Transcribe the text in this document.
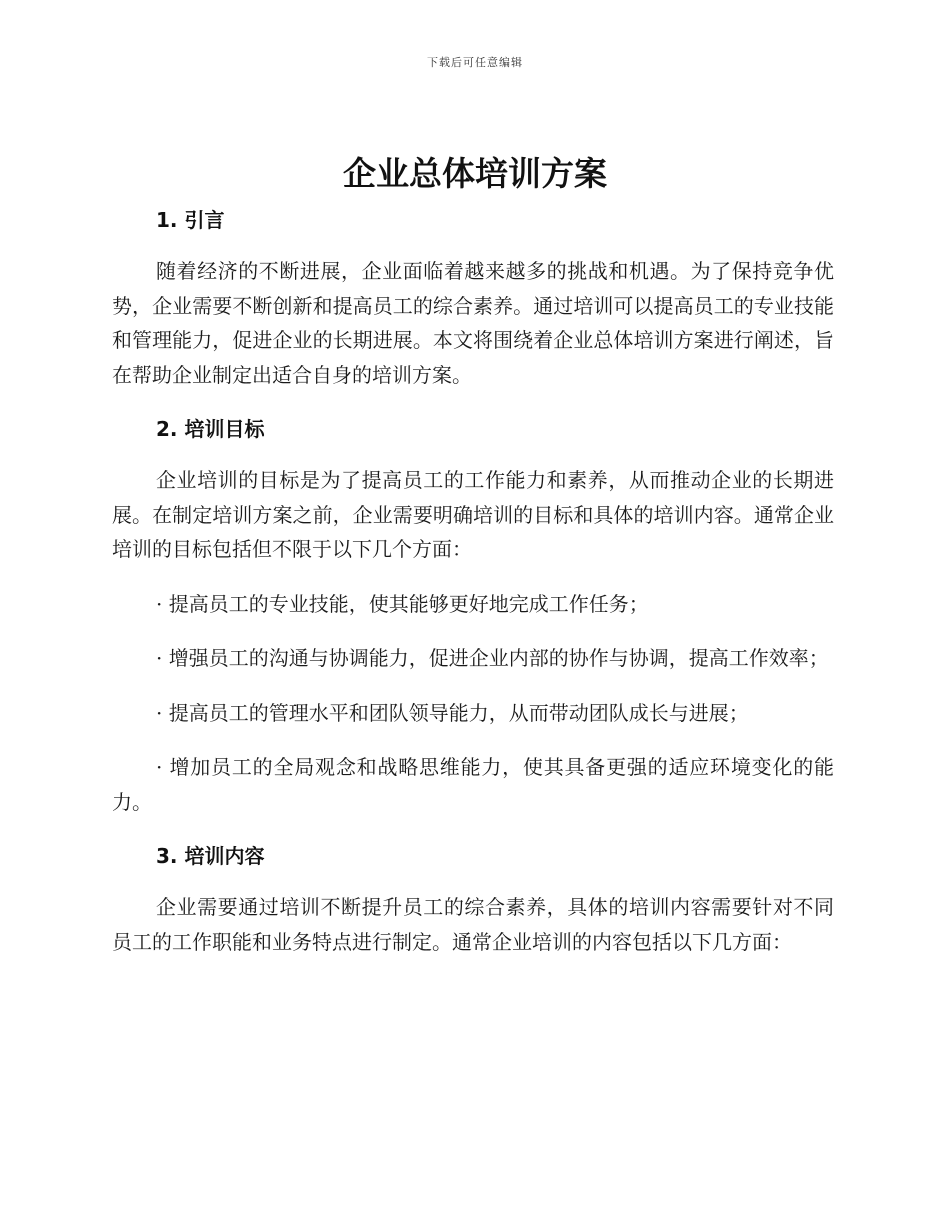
下载后可任意编辑
企业总体培训方案
1. 引言

随着经济的不断进展，企业面临着越来越多的挑战和机遇。为了保持竞争优势，企业需要不断创新和提高员工的综合素养。通过培训可以提高员工的专业技能和管理能力，促进企业的长期进展。本文将围绕着企业总体培训方案进行阐述，旨在帮助企业制定出适合自身的培训方案。

2. 培训目标

企业培训的目标是为了提高员工的工作能力和素养，从而推动企业的长期进展。在制定培训方案之前，企业需要明确培训的目标和具体的培训内容。通常企业培训的目标包括但不限于以下几个方面：

· 提高员工的专业技能，使其能够更好地完成工作任务；

· 增强员工的沟通与协调能力，促进企业内部的协作与协调，提高工作效率；

· 提高员工的管理水平和团队领导能力，从而带动团队成长与进展；

· 增加员工的全局观念和战略思维能力，使其具备更强的适应环境变化的能力。

3. 培训内容

企业需要通过培训不断提升员工的综合素养，具体的培训内容需要针对不同员工的工作职能和业务特点进行制定。通常企业培训的内容包括以下几方面：
